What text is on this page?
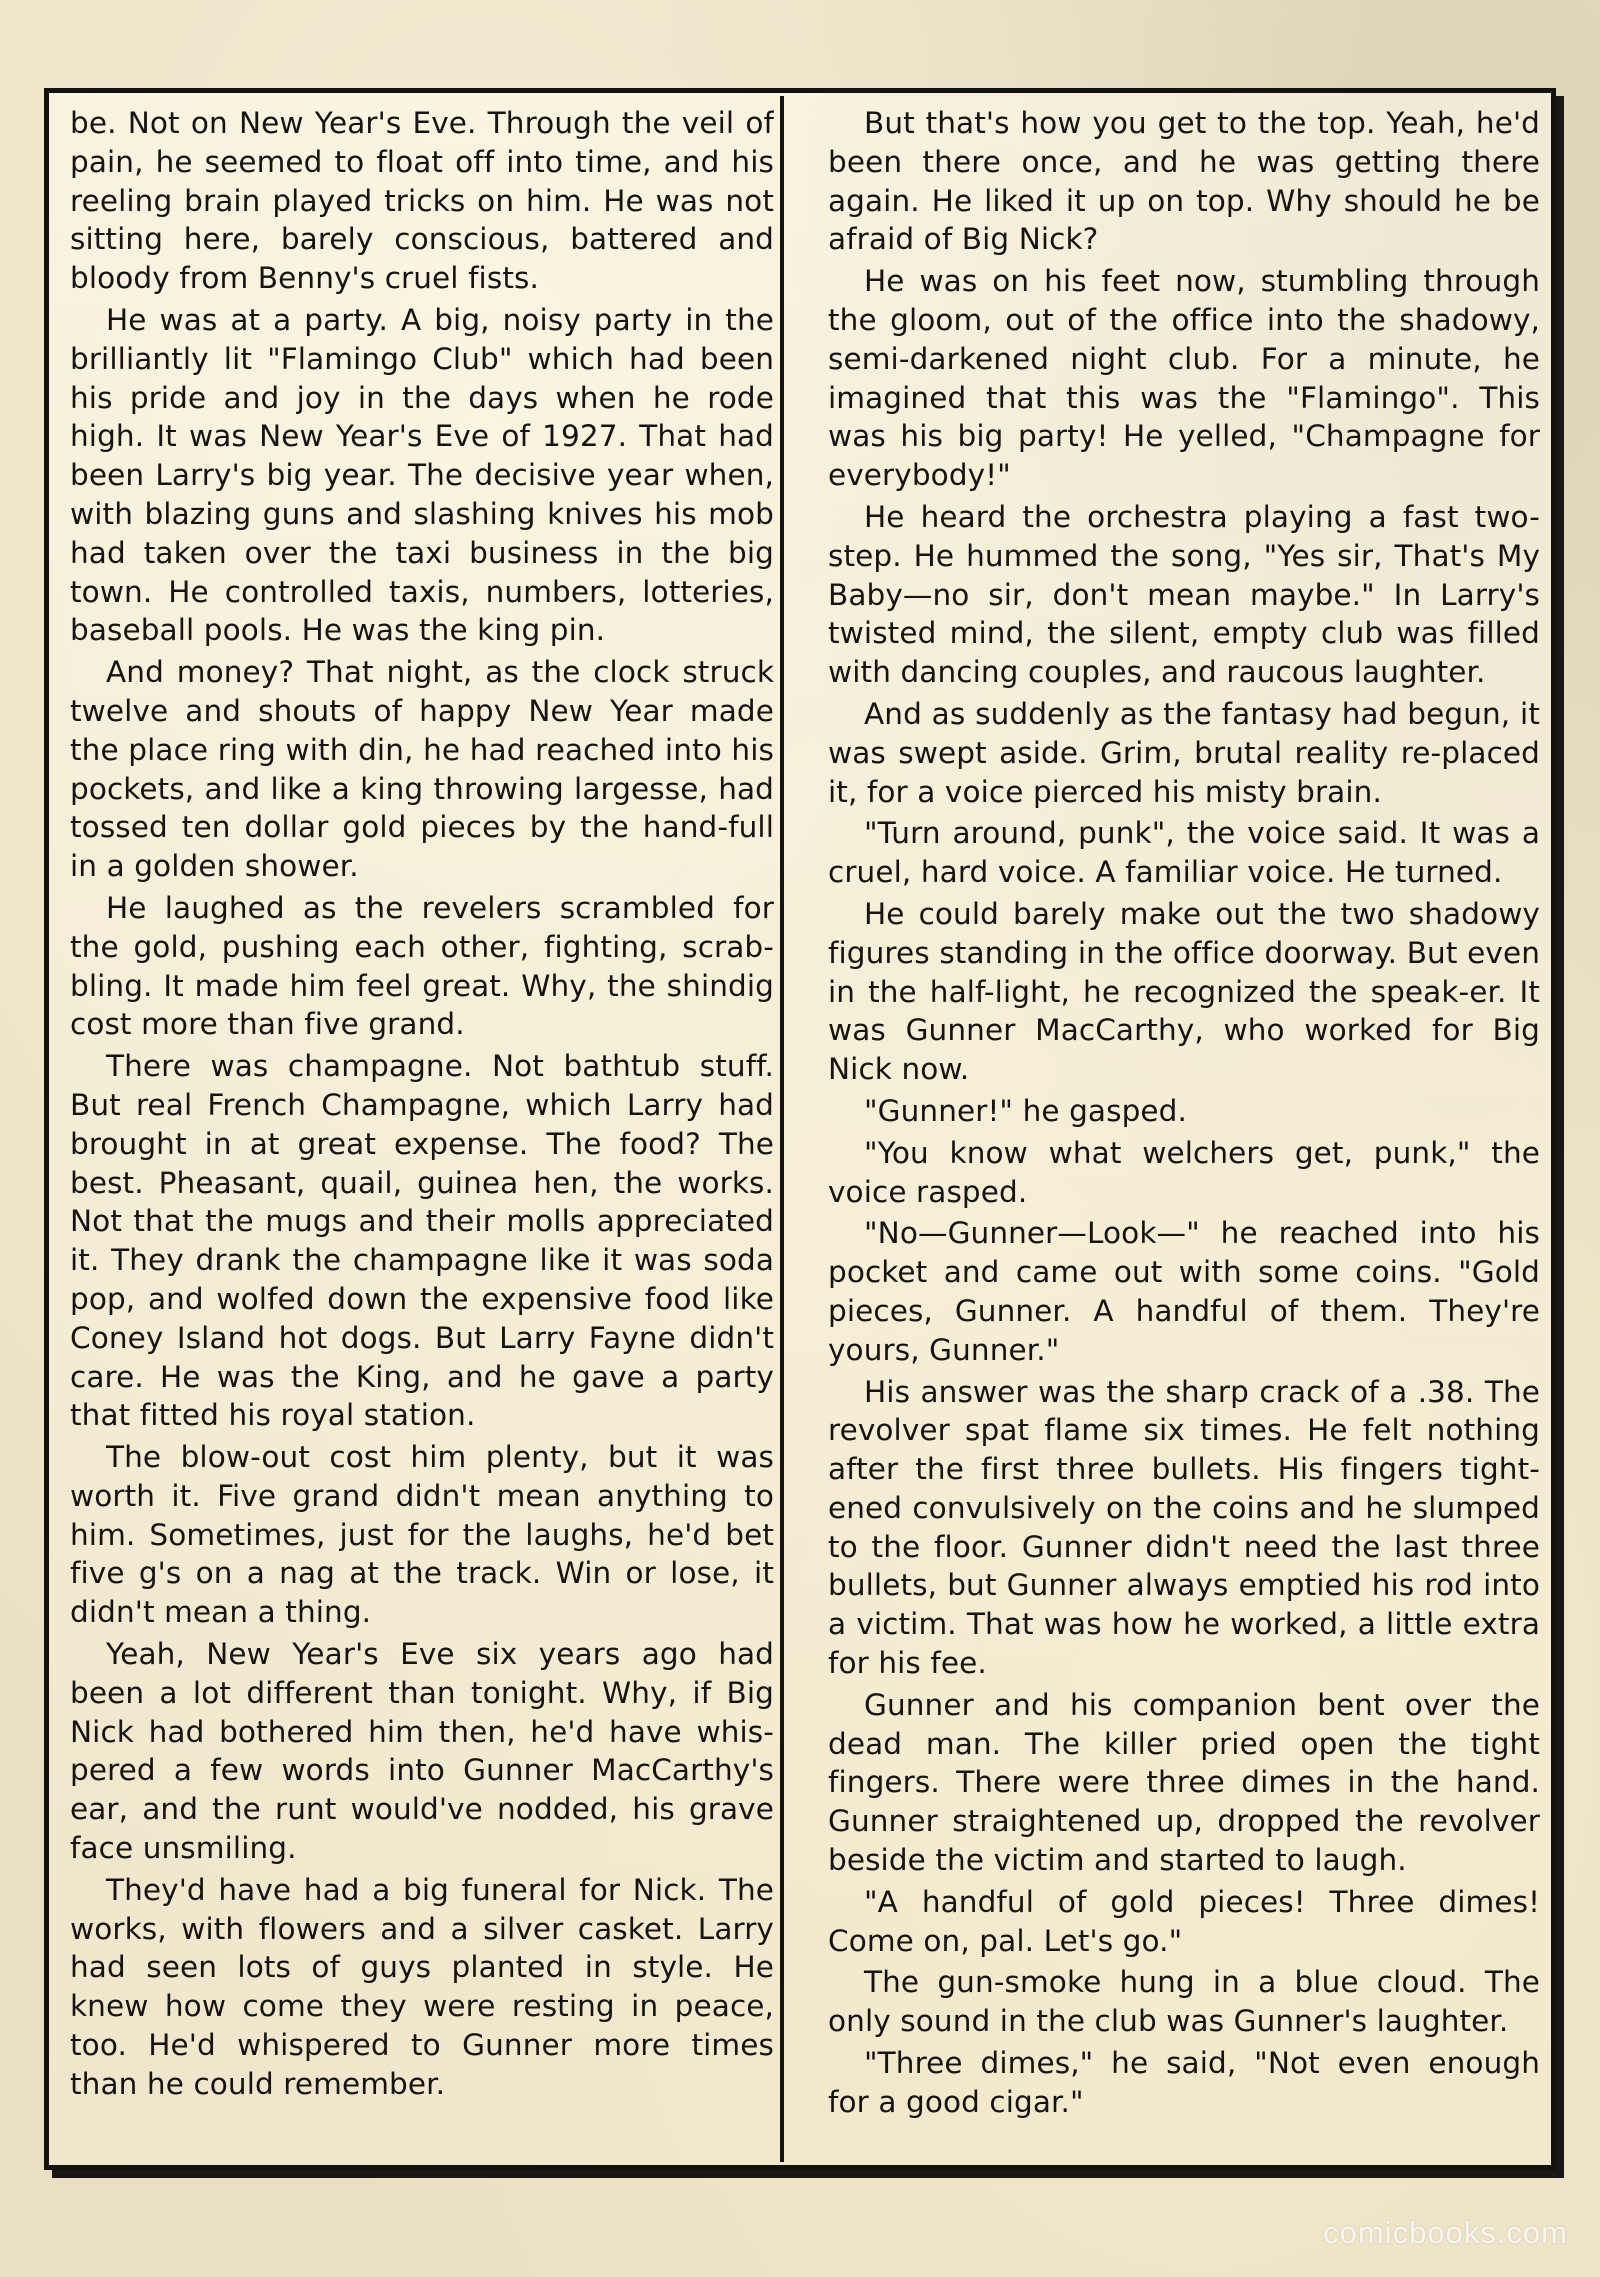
be. Not on New Year's Eve. Through the veil of pain, he seemed to float off into time, and his reeling brain played tricks on him. He was not sitting here, barely conscious, battered and bloody from Benny's cruel fists.

He was at a party. A big, noisy party in the brilliantly lit "Flamingo Club" which had been his pride and joy in the days when he rode high. It was New Year's Eve of 1927. That had been Larry's big year. The decisive year when, with blazing guns and slashing knives his mob had taken over the taxi business in the big town. He controlled taxis, numbers, lotteries, baseball pools. He was the king pin.

And money? That night, as the clock struck twelve and shouts of happy New Year made the place ring with din, he had reached into his pockets, and like a king throwing largesse, had tossed ten dollar gold pieces by the hand-full in a golden shower.

He laughed as the revelers scrambled for the gold, pushing each other, fighting, scrab-bling. It made him feel great. Why, the shindig cost more than five grand.

There was champagne. Not bathtub stuff. But real French Champagne, which Larry had brought in at great expense. The food? The best. Pheasant, quail, guinea hen, the works. Not that the mugs and their molls appreciated it. They drank the champagne like it was soda pop, and wolfed down the expensive food like Coney Island hot dogs. But Larry Fayne didn't care. He was the King, and he gave a party that fitted his royal station.

The blow-out cost him plenty, but it was worth it. Five grand didn't mean anything to him. Sometimes, just for the laughs, he'd bet five g's on a nag at the track. Win or lose, it didn't mean a thing.

Yeah, New Year's Eve six years ago had been a lot different than tonight. Why, if Big Nick had bothered him then, he'd have whis-pered a few words into Gunner MacCarthy's ear, and the runt would've nodded, his grave face unsmiling.

They'd have had a big funeral for Nick. The works, with flowers and a silver casket. Larry had seen lots of guys planted in style. He knew how come they were resting in peace, too. He'd whispered to Gunner more times than he could remember.

But that's how you get to the top. Yeah, he'd been there once, and he was getting there again. He liked it up on top. Why should he be afraid of Big Nick?

He was on his feet now, stumbling through the gloom, out of the office into the shadowy, semi-darkened night club. For a minute, he imagined that this was the "Flamingo". This was his big party! He yelled, "Champagne for everybody!"

He heard the orchestra playing a fast two-step. He hummed the song, "Yes sir, That's My Baby—no sir, don't mean maybe." In Larry's twisted mind, the silent, empty club was filled with dancing couples, and raucous laughter.

And as suddenly as the fantasy had begun, it was swept aside. Grim, brutal reality re-placed it, for a voice pierced his misty brain.

"Turn around, punk", the voice said. It was a cruel, hard voice. A familiar voice. He turned.

He could barely make out the two shadowy figures standing in the office doorway. But even in the half-light, he recognized the speak-er. It was Gunner MacCarthy, who worked for Big Nick now.

"Gunner!" he gasped.

"You know what welchers get, punk," the voice rasped.

"No—Gunner—Look—" he reached into his pocket and came out with some coins. "Gold pieces, Gunner. A handful of them. They're yours, Gunner."

His answer was the sharp crack of a .38. The revolver spat flame six times. He felt nothing after the first three bullets. His fingers tight-ened convulsively on the coins and he slumped to the floor. Gunner didn't need the last three bullets, but Gunner always emptied his rod into a victim. That was how he worked, a little extra for his fee.

Gunner and his companion bent over the dead man. The killer pried open the tight fingers. There were three dimes in the hand. Gunner straightened up, dropped the revolver beside the victim and started to laugh.

"A handful of gold pieces! Three dimes! Come on, pal. Let's go."

The gun-smoke hung in a blue cloud. The only sound in the club was Gunner's laughter.

"Three dimes," he said, "Not even enough for a good cigar."

comicbooks.com
